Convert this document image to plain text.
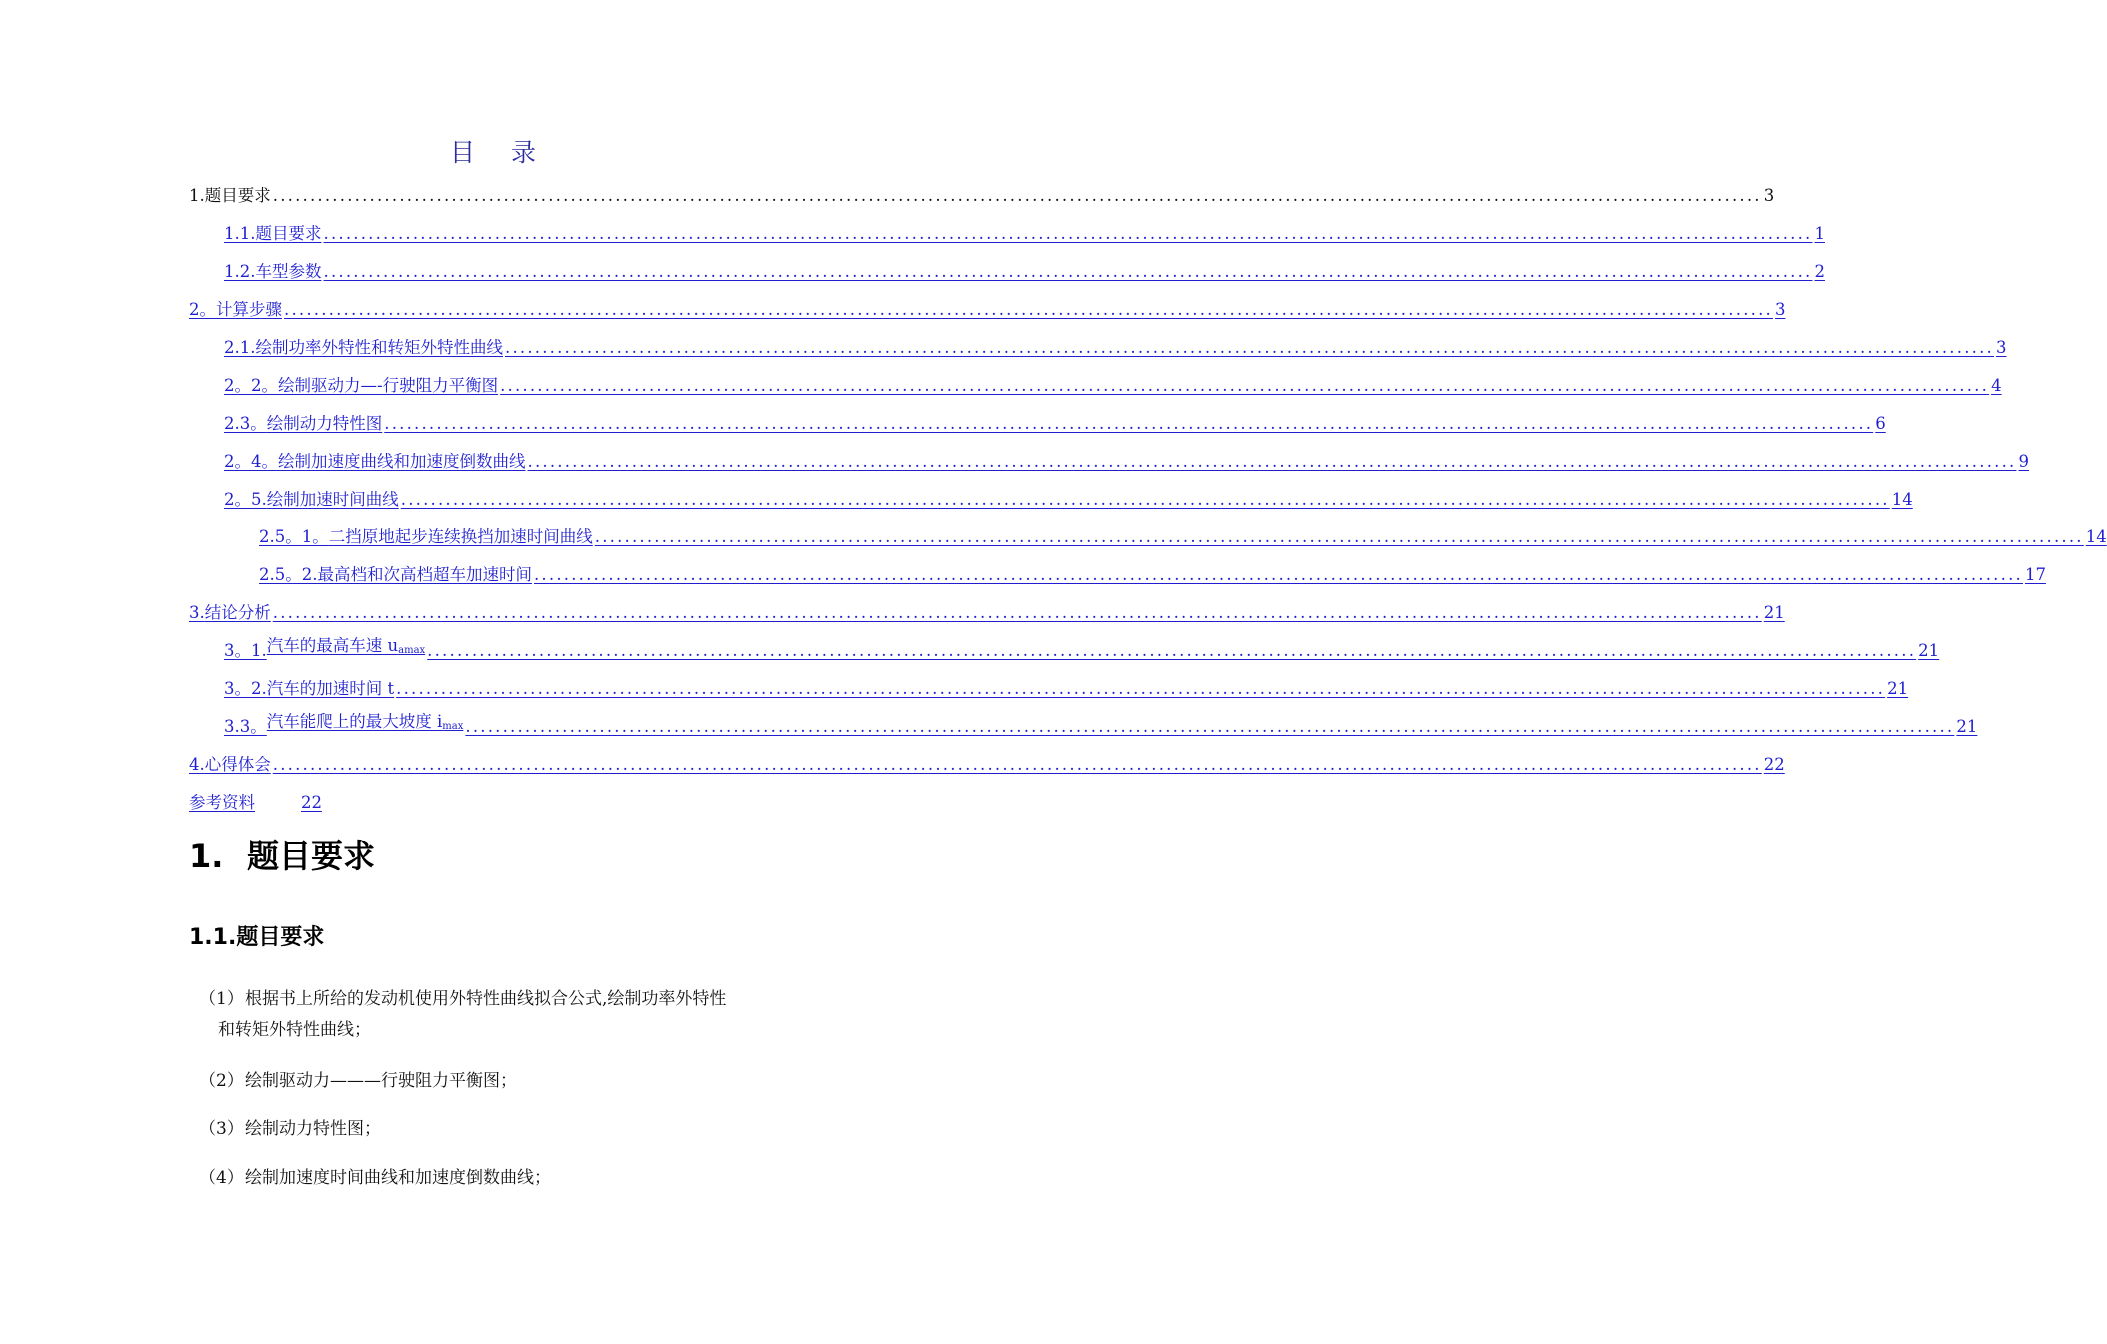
目 录
1. 题目要求 ........................................................................................................................................................................................................ 3
1.1. 题目要求 ........................................................................................................................................................................................................ 1
1.2. 车型参数 ........................................................................................................................................................................................................ 2
2。 计算步骤 ........................................................................................................................................................................................................ 3
2.1. 绘制功率外特性和转矩外特性曲线 ........................................................................................................................................................................................................ 3
2。2。 绘制驱动力—-行驶阻力平衡图 ........................................................................................................................................................................................................ 4
2.3。 绘制动力特性图 ........................................................................................................................................................................................................ 6
2。4。 绘制加速度曲线和加速度倒数曲线 ........................................................................................................................................................................................................ 9
2。5. 绘制加速时间曲线 ........................................................................................................................................................................................................ 14
2.5。1。 二挡原地起步连续换挡加速时间曲线 ........................................................................................................................................................................................................ 14
2.5。2. 最高档和次高档超车加速时间 ........................................................................................................................................................................................................ 17
3. 结论分析 ........................................................................................................................................................................................................ 21
3。1. 汽车的最高车速 $u_{amax}$ ........................................................................................................................................................................................................ 21
3。2. 汽车的加速时间 t ........................................................................................................................................................................................................ 21
3.3。 汽车能爬上的最大坡度 $i_{max}$ ........................................................................................................................................................................................................ 21
4. 心得体会 ........................................................................................................................................................................................................ 22
参考资料	22
1. 题目要求
1.1.题目要求
（1）根据书上所给的发动机使用外特性曲线拟合公式,绘制功率外特性
和转矩外特性曲线；
（2）绘制驱动力———行驶阻力平衡图；
（3）绘制动力特性图；
（4）绘制加速度时间曲线和加速度倒数曲线；
